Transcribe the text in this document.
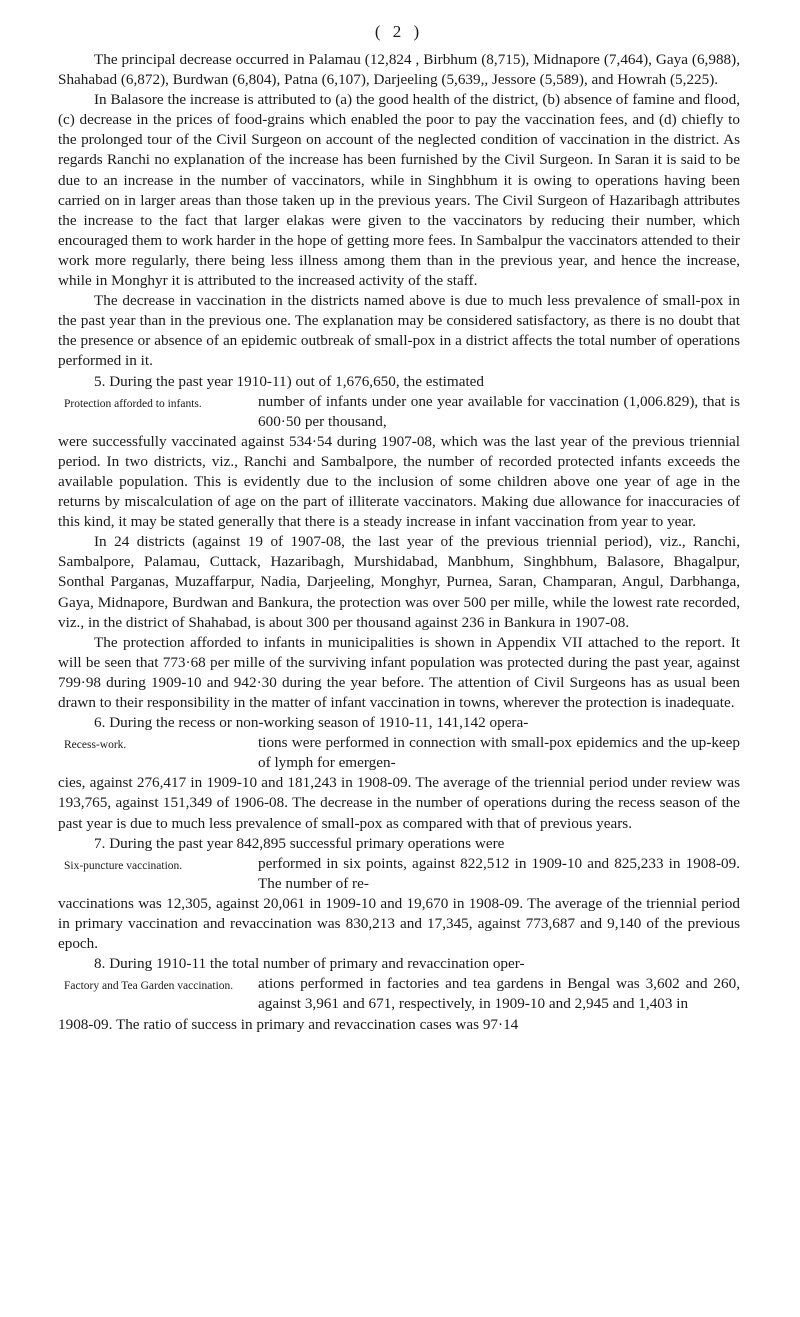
( 2 )

The principal decrease occurred in Palamau (12,824 , Birbhum (8,715), Midnapore (7,464), Gaya (6,988), Shahabad (6,872), Burdwan (6,804), Patna (6,107), Darjeeling (5,639,, Jessore (5,589), and Howrah (5,225).

In Balasore the increase is attributed to (a) the good health of the district, (b) absence of famine and flood, (c) decrease in the prices of food-grains which enabled the poor to pay the vaccination fees, and (d) chiefly to the prolonged tour of the Civil Surgeon on account of the neglected condition of vaccination in the district. As regards Ranchi no explanation of the increase has been furnished by the Civil Surgeon. In Saran it is said to be due to an increase in the number of vaccinators, while in Singhbhum it is owing to operations having been carried on in larger areas than those taken up in the previous years. The Civil Surgeon of Hazaribagh attributes the increase to the fact that larger elakas were given to the vaccinators by reducing their number, which encouraged them to work harder in the hope of getting more fees. In Sambalpur the vaccinators attended to their work more regularly, there being less illness among them than in the previous year, and hence the increase, while in Monghyr it is attributed to the increased activity of the staff.

The decrease in vaccination in the districts named above is due to much less prevalence of small-pox in the past year than in the previous one. The explanation may be considered satisfactory, as there is no doubt that the presence or absence of an epidemic outbreak of small-pox in a district affects the total number of operations performed in it.

5. During the past year 1910-11) out of 1,676,650, the estimated

Protection afforded to infants.	number of infants under one year available for vaccination (1,006.829), that is 600·50 per thousand,

were successfully vaccinated against 534·54 during 1907-08, which was the last year of the previous triennial period. In two districts, viz., Ranchi and Sambalpore, the number of recorded protected infants exceeds the available population. This is evidently due to the inclusion of some children above one year of age in the returns by miscalculation of age on the part of illiterate vaccinators. Making due allowance for inaccuracies of this kind, it may be stated generally that there is a steady increase in infant vaccination from year to year.

In 24 districts (against 19 of 1907-08, the last year of the previous triennial period), viz., Ranchi, Sambalpore, Palamau, Cuttack, Hazaribagh, Murshidabad, Manbhum, Singhbhum, Balasore, Bhagalpur, Sonthal Parganas, Muzaffarpur, Nadia, Darjeeling, Monghyr, Purnea, Saran, Champaran, Angul, Darbhanga, Gaya, Midnapore, Burdwan and Bankura, the protection was over 500 per mille, while the lowest rate recorded, viz., in the district of Shahabad, is about 300 per thousand against 236 in Bankura in 1907-08.

The protection afforded to infants in municipalities is shown in Appendix VII attached to the report. It will be seen that 773·68 per mille of the surviving infant population was protected during the past year, against 799·98 during 1909-10 and 942·30 during the year before. The attention of Civil Surgeons has as usual been drawn to their responsibility in the matter of infant vaccination in towns, wherever the protection is inadequate.

6. During the recess or non-working season of 1910-11, 141,142 opera-

Recess-work.	tions were performed in connection with small-pox epidemics and the up-keep of lymph for emergen-

cies, against 276,417 in 1909-10 and 181,243 in 1908-09. The average of the triennial period under review was 193,765, against 151,349 of 1906-08. The decrease in the number of operations during the recess season of the past year is due to much less prevalence of small-pox as compared with that of previous years.

7. During the past year 842,895 successful primary operations were

Six-puncture vaccination.	performed in six points, against 822,512 in 1909-10 and 825,233 in 1908-09. The number of re-

vaccinations was 12,305, against 20,061 in 1909-10 and 19,670 in 1908-09. The average of the triennial period in primary vaccination and revaccination was 830,213 and 17,345, against 773,687 and 9,140 of the previous epoch.

8. During 1910-11 the total number of primary and revaccination oper-

Factory and Tea Garden vaccination.	ations performed in factories and tea gardens in Bengal was 3,602 and 260, against 3,961 and 671, respectively, in 1909-10 and 2,945 and 1,403 in

1908-09. The ratio of success in primary and revaccination cases was 97·14
